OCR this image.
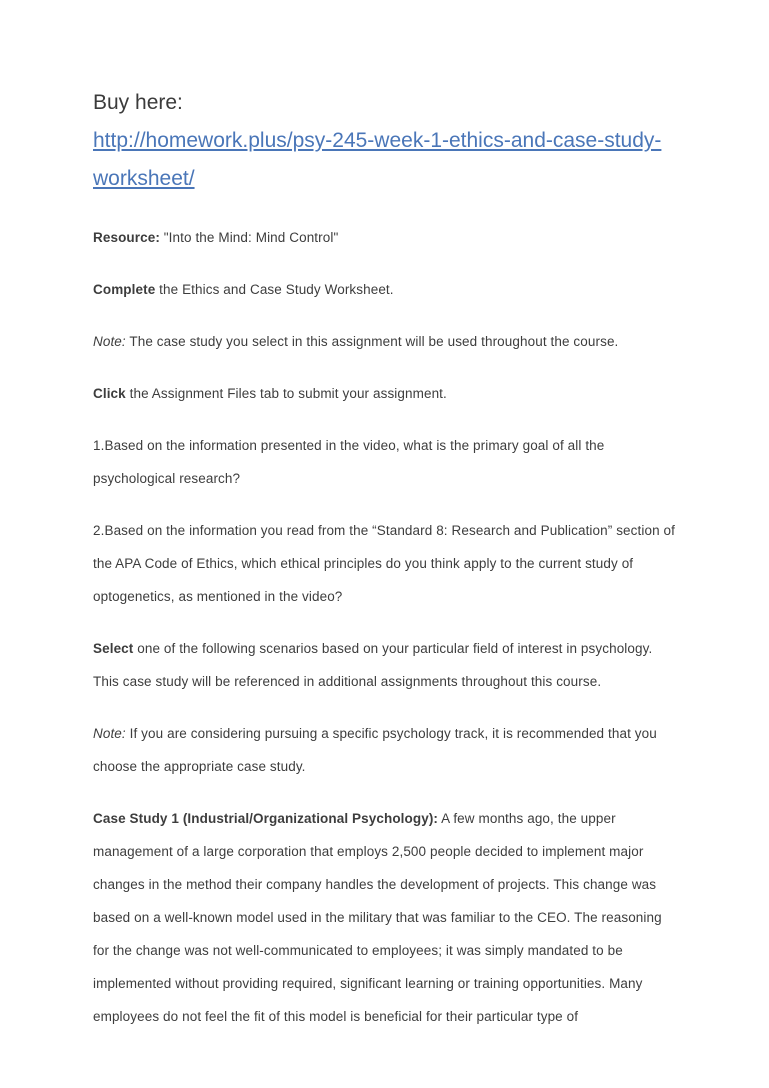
Buy here:
http://homework.plus/psy-245-week-1-ethics-and-case-study-worksheet/

Resource: "Into the Mind: Mind Control"

Complete the Ethics and Case Study Worksheet.

Note: The case study you select in this assignment will be used throughout the course.

Click the Assignment Files tab to submit your assignment.

1.Based on the information presented in the video, what is the primary goal of all the psychological research?

2.Based on the information you read from the “Standard 8: Research and Publication” section of the APA Code of Ethics, which ethical principles do you think apply to the current study of optogenetics, as mentioned in the video?

Select one of the following scenarios based on your particular field of interest in psychology. This case study will be referenced in additional assignments throughout this course.

Note: If you are considering pursuing a specific psychology track, it is recommended that you choose the appropriate case study.

Case Study 1 (Industrial/Organizational Psychology): A few months ago, the upper management of a large corporation that employs 2,500 people decided to implement major changes in the method their company handles the development of projects. This change was based on a well-known model used in the military that was familiar to the CEO. The reasoning for the change was not well-communicated to employees; it was simply mandated to be implemented without providing required, significant learning or training opportunities. Many employees do not feel the fit of this model is beneficial for their particular type of
